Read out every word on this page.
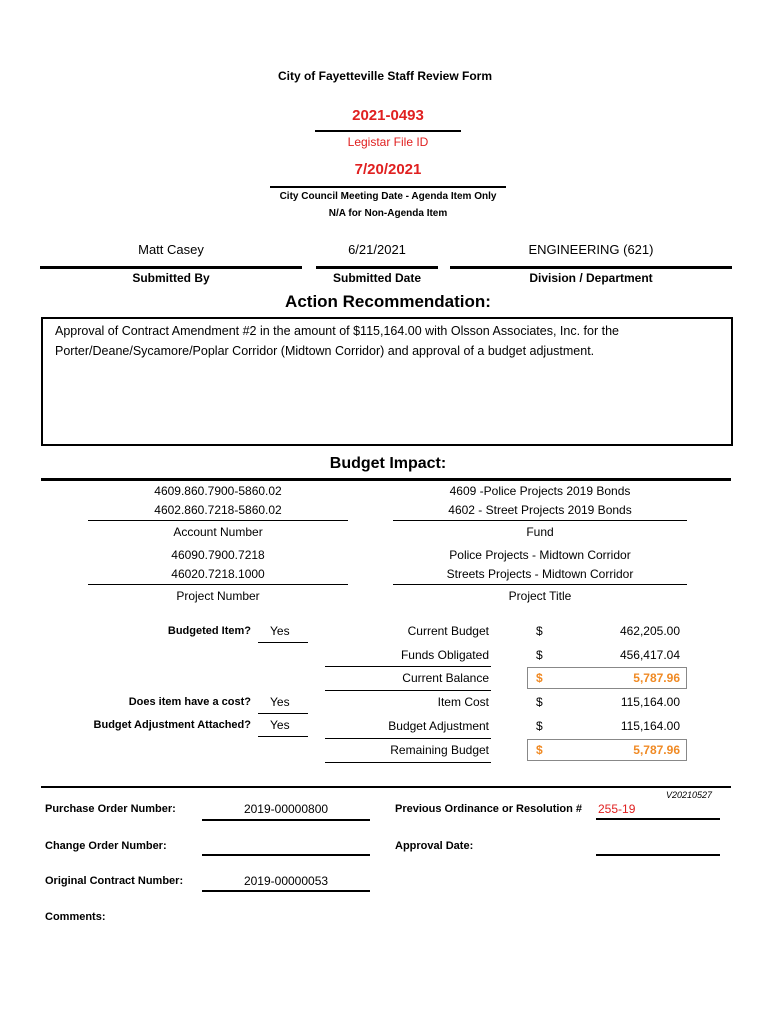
City of Fayetteville Staff Review Form
2021-0493
Legistar File ID
7/20/2021
City Council Meeting Date - Agenda Item Only
N/A for Non-Agenda Item
Matt Casey
Submitted By
6/21/2021
Submitted Date
ENGINEERING (621)
Division / Department
Action Recommendation:
Approval of Contract Amendment #2 in the amount of $115,164.00 with Olsson Associates, Inc. for the Porter/Deane/Sycamore/Poplar Corridor (Midtown Corridor) and approval of a budget adjustment.
Budget Impact:
4609.860.7900-5860.02
4602.860.7218-5860.02
Account Number
4609 -Police Projects 2019 Bonds
4602 - Street Projects 2019 Bonds
Fund
46090.7900.7218
46020.7218.1000
Project Number
Police Projects - Midtown Corridor
Streets Projects - Midtown Corridor
Project Title
Budgeted Item?	Yes
Does item have a cost?	Yes
Budget Adjustment Attached?	Yes
Current Budget	$	462,205.00
Funds Obligated	$	456,417.04
Current Balance	$	5,787.96
Item Cost	$	115,164.00
Budget Adjustment	$	115,164.00
Remaining Budget	$	5,787.96
V20210527
Purchase Order Number:	2019-00000800	Previous Ordinance or Resolution # 255-19
Change Order Number:	Approval Date:
Original Contract Number:	2019-00000053
Comments:
